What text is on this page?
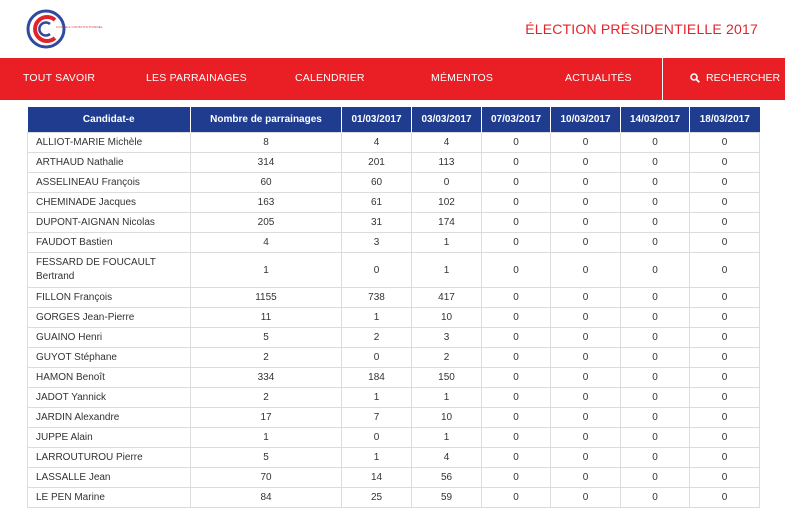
CONSEIL CONSTITUTIONNEL	ÉLECTION PRÉSIDENTIELLE 2017
TOUT SAVOIR	LES PARRAINAGES	CALENDRIER	MÉMENTOS	ACTUALITÉS	RECHERCHER
Candidat-e	Nombre de parrainages	01/03/2017	03/03/2017	07/03/2017	10/03/2017	14/03/2017	18/03/2017
ALLIOT-MARIE Michèle	8	4	4	0	0	0	0
ARTHAUD Nathalie	314	201	113	0	0	0	0
ASSELINEAU François	60	60	0	0	0	0	0
CHEMINADE Jacques	163	61	102	0	0	0	0
DUPONT-AIGNAN Nicolas	205	31	174	0	0	0	0
FAUDOT Bastien	4	3	1	0	0	0	0
FESSARD DE FOUCAULT Bertrand	1	0	1	0	0	0	0
FILLON François	1155	738	417	0	0	0	0
GORGES Jean-Pierre	11	1	10	0	0	0	0
GUAINO Henri	5	2	3	0	0	0	0
GUYOT Stéphane	2	0	2	0	0	0	0
HAMON Benoît	334	184	150	0	0	0	0
JADOT Yannick	2	1	1	0	0	0	0
JARDIN Alexandre	17	7	10	0	0	0	0
JUPPE Alain	1	0	1	0	0	0	0
LARROUTUROU Pierre	5	1	4	0	0	0	0
LASSALLE Jean	70	14	56	0	0	0	0
LE PEN Marine	84	25	59	0	0	0	0
